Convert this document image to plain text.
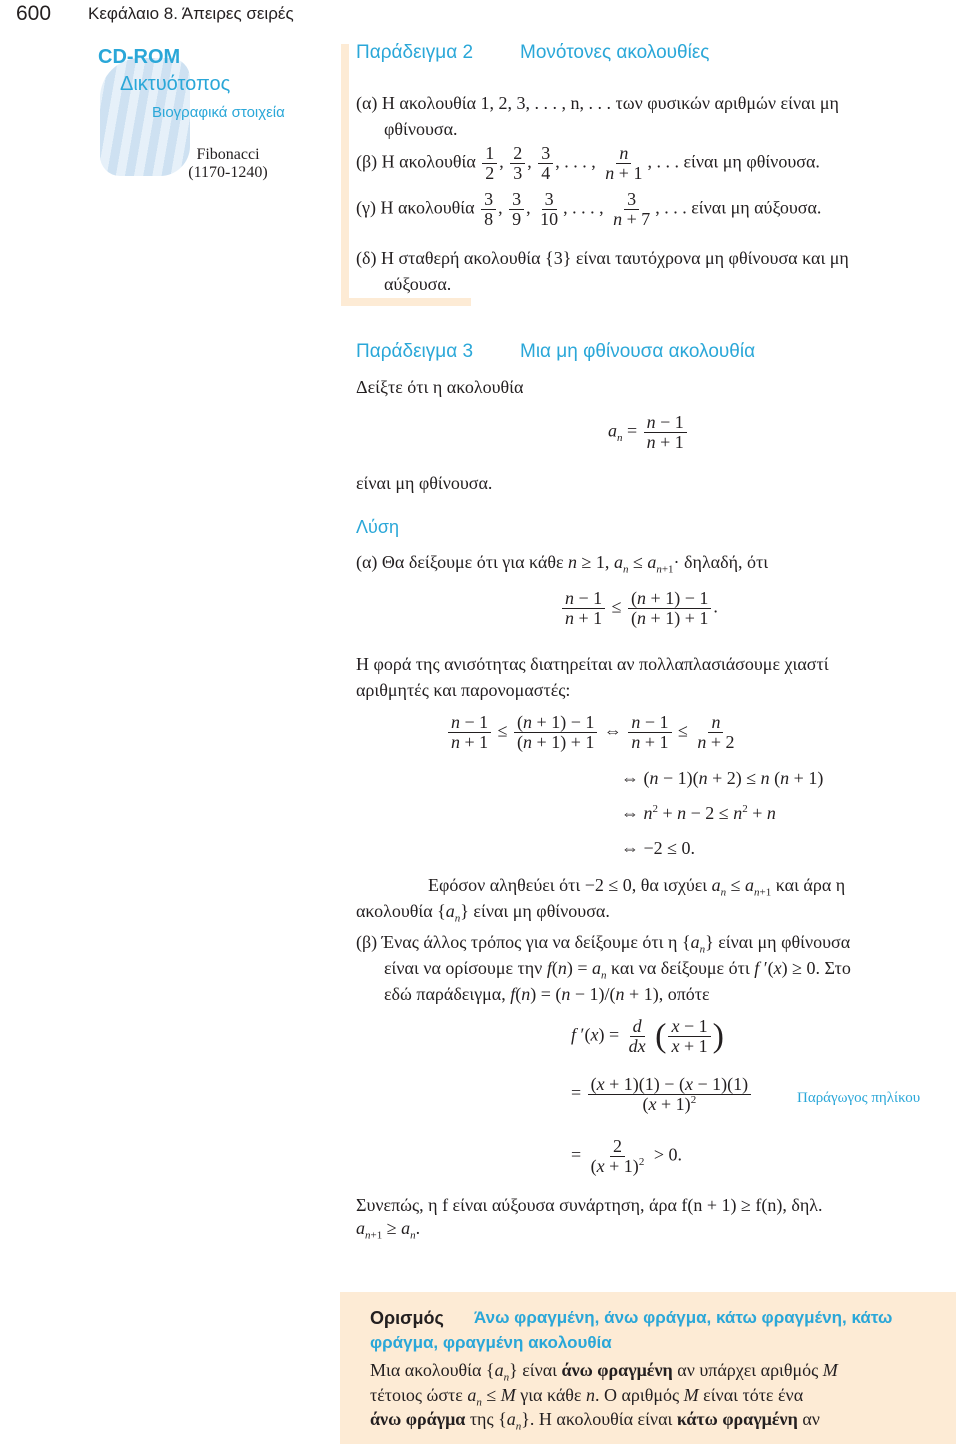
600 Κεφάλαιο 8. Άπειρες σειρές
CD-ROM
Δικτυότοπος
Βιογραφικά στοιχεία
Fibonacci
(1170-1240)
Παράδειγμα 2 Μονότονες ακολουθίες
(α) Η ακολουθία 1, 2, 3, . . . , n, . . . των φυσικών αριθμών είναι μη
φθίνουσα.
(β) Η ακολουθία $\frac{1}{2}$ , $\frac{2}{3}$ , $\frac{3}{4}$ , . . . , $\frac{n}{n + 1}$ , . . . είναι μη φθίνουσα.
(γ) Η ακολουθία $\frac{3}{8}$ , $\frac{3}{9}$ , $\frac{3}{10}$ , . . . , $\frac{3}{n + 7}$ , . . . είναι μη αύξουσα.
(δ) Η σταθερή ακολουθία {3} είναι ταυτόχρονα μη φθίνουσα και μη
αύξουσα.
Παράδειγμα 3 Μια μη φθίνουσα ακολουθία
Δείξτε ότι η ακολουθία
$a_n = \frac{n - 1}{n + 1}$
είναι μη φθίνουσα.
Λύση
(α) Θα δείξουμε ότι για κάθε n ≥ 1, $a_n \le a_{n+1}\cdot \delta\eta\lambda\alpha\delta ή$, ότι
$\frac{n - 1}{n + 1} \le \frac{(n + 1) - 1}{(n + 1) + 1}$ .
Η φορά της ανισότητας διατηρείται αν πολλαπλασιάσουμε χιαστί
αριθμητές και παρονομαστές:
$\frac{n - 1}{n + 1} \le \frac{(n + 1) - 1}{(n + 1) + 1}$ ⇔ $\frac{n - 1}{n + 1} \le \frac{n}{n + 2}$
⇔ (n − 1)(n + 2) ≤ n (n + 1)
⇔ $n^2 + n - 2 \le n^2 + n$
⇔ −2 ≤ 0.
Εφόσον αληθεύει ότι −2 ≤ 0, θα ισχύει $a_n \le a_{n+1}$ και άρα η
ακολουθία $\{a_n\}$ είναι μη φθίνουσα.
(β) Ένας άλλος τρόπος για να δείξουμε ότι η $\{a_n\}$ είναι μη φθίνουσα
είναι να ορίσουμε την $f(n) = a_n$ και να δείξουμε ότι f ′(x) ≥ 0. Στο
εδώ παράδειγμα, f(n) = (n − 1)/(n + 1), οπότε
f $'(x) = \frac{d}{dx}$ ( $\frac{x - 1}{x + 1}$ )
= $\frac{(x + 1)(1) - (x - 1)(1)}{(x + 1)^2}$	Παράγωγος πηλίκου
= $\frac{2}{(x + 1)^2} > 0$.
Συνεπώς, η f είναι αύξουσα συνάρτηση, άρα f(n + 1) ≥ f(n), δηλ.
$a_{n+1} \ge a_n$.
Ορισμός Άνω φραγμένη, άνω φράγμα, κάτω φραγμένη, κάτω
φράγμα, φραγμένη ακολουθία
Μια ακολουθία $\{a_n\}$ είναι άνω φραγμένη αν υπάρχει αριθμός M
τέτοιος ώστε $a_n \le M$ για κάθε n. Ο αριθμός M είναι τότε ένα
άνω φράγμα της $\{a_n\}$. Η ακολουθία είναι κάτω φραγμένη αν
